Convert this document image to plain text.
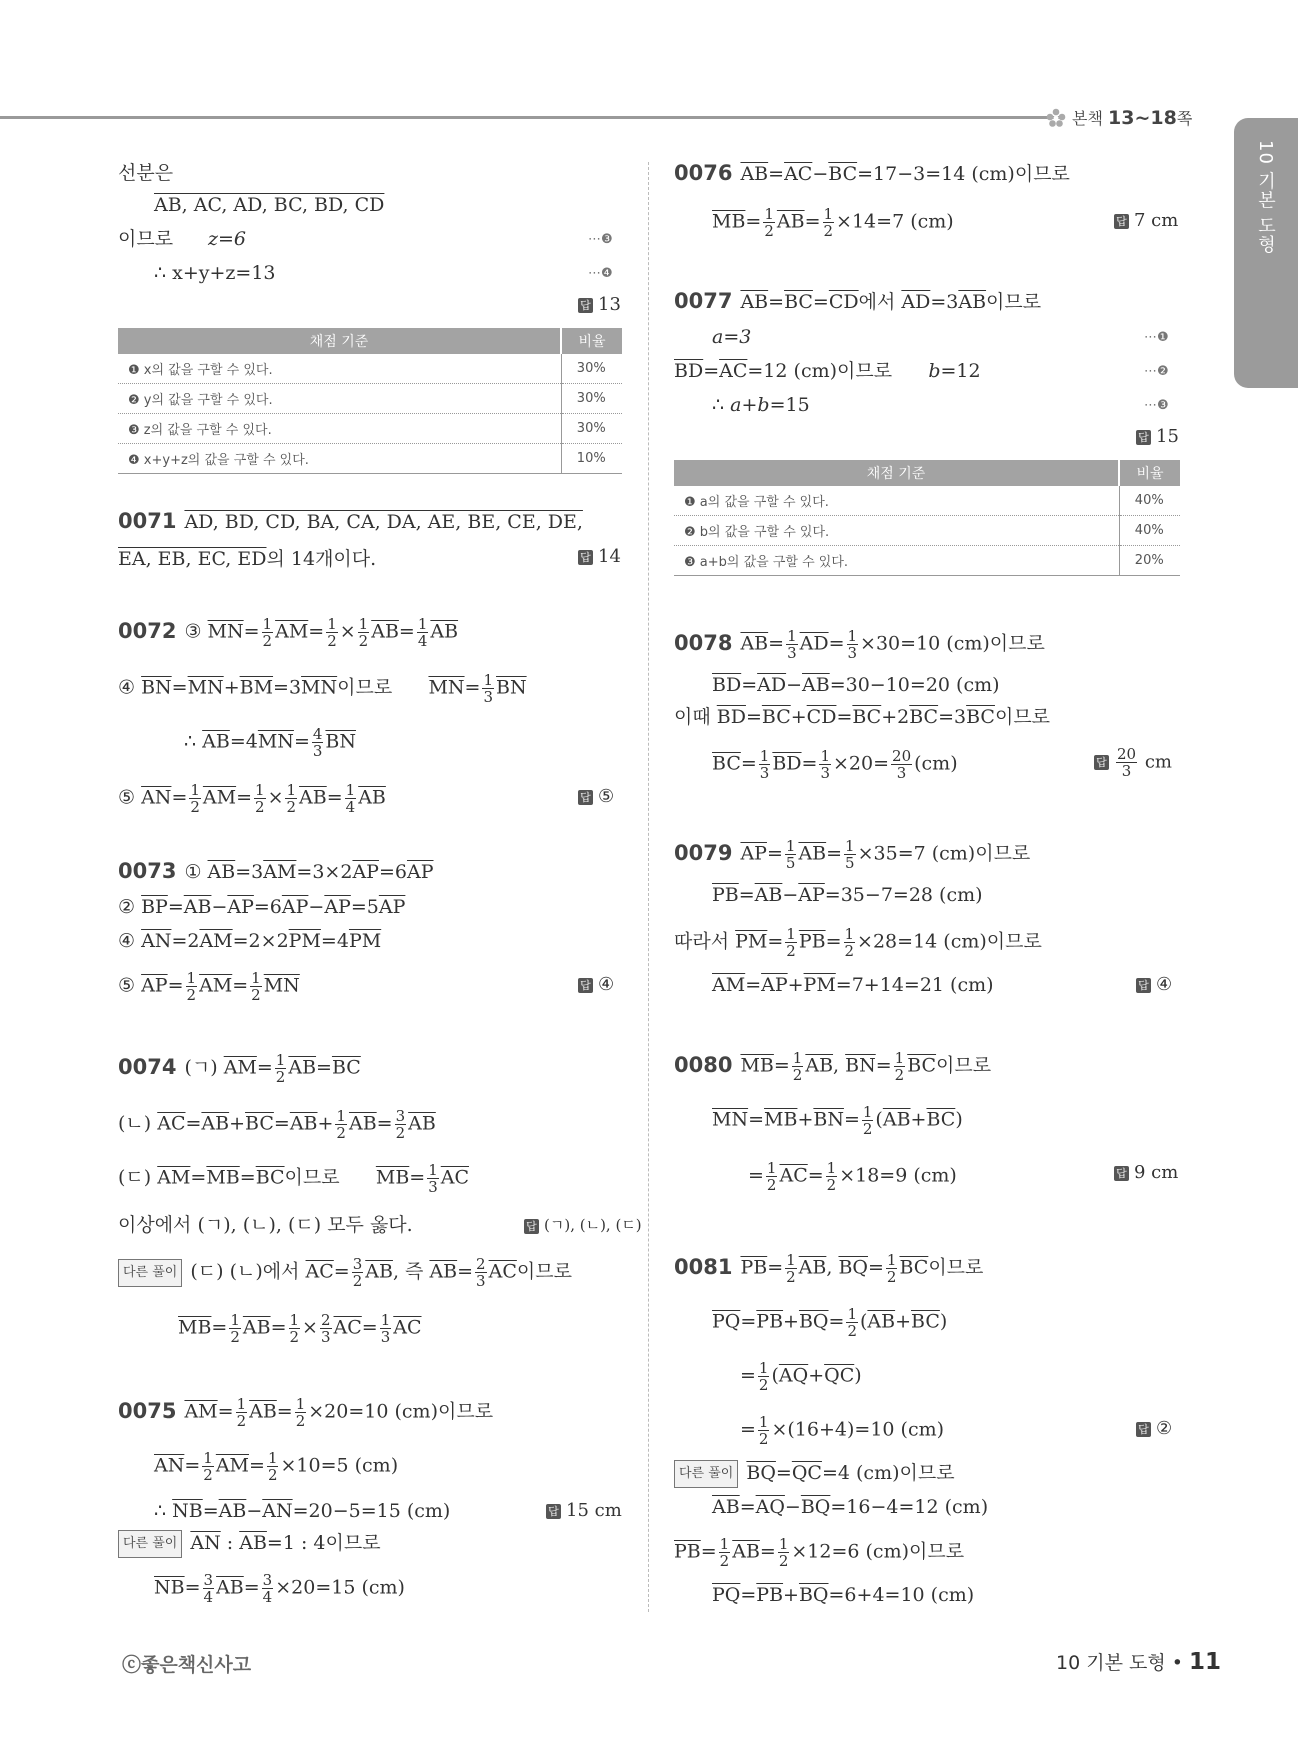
본책 13~18쪽
10 기본 도형
선분은
AB, AC, AD, BC, BD, CD
이므로 z=6	⋯❸
∴ x+y+z=13	⋯❹
답 13
채점 기준	비율
❶ x의 값을 구할 수 있다.	30%
❷ y의 값을 구할 수 있다.	30%
❸ z의 값을 구할 수 있다.	30%
❹ x+y+z의 값을 구할 수 있다.	10%
0071 AD, BD, CD, BA, CA, DA, AE, BE, CE, DE,
EA, EB, EC, ED의 14개이다.	답 14
0072 ③ $\overline{MN}= \frac{1}{2} \overline{AM}= \frac{1}{2} \times \frac{1}{2} \overline{AB}= \frac{1}{4} \overline{AB}$
④ $\overline{BN}=\overline{MN}+\overline{BM}=3\overline{MN}$이므로      $\overline{MN}= \frac{1}{3} \overline{BN}$
∴ $\overline{AB}=4\overline{MN}= \frac{4}{3} \overline{BN}$
⑤ $\overline{AN}= \frac{1}{2} \overline{AM}= \frac{1}{2} \times \frac{1}{2} \overline{AB}= \frac{1}{4} \overline{AB}$	답 ⑤
0073 ① $\overline{AB}=3\overline{AM}=3\times 2\overline{AP}=6\overline{AP}$
② $\overline{BP}=\overline{AB}-\overline{AP}=6\overline{AP}-\overline{AP}=5\overline{AP}$
④ $\overline{AN}=2\overline{AM}=2\times 2\overline{PM}=4\overline{PM}$
⑤ $\overline{AP}= \frac{1}{2} \overline{AM}= \frac{1}{2} \overline{MN}$	답 ④
0074 (ㄱ) $\overline{AM}= \frac{1}{2} \overline{AB}=\overline{BC}$
(ㄴ) $\overline{AC}=\overline{AB}+\overline{BC}=\overline{AB}+ \frac{1}{2} \overline{AB}= \frac{3}{2} \overline{AB}$
(ㄷ) $\overline{AM}=\overline{MB}=\overline{BC}$이므로      $\overline{MB}= \frac{1}{3} \overline{AC}$
이상에서 (ㄱ), (ㄴ), (ㄷ) 모두 옳다.	답 (ㄱ), (ㄴ), (ㄷ)
다른 풀이 (ㄷ) (ㄴ)에서 $\overline{AC}= \frac{3}{2} \overline{AB}$, 즉 $\overline{AB}= \frac{2}{3} \overline{AC}$이므로
$\overline{MB}= \frac{1}{2} \overline{AB}= \frac{1}{2} \times \frac{2}{3} \overline{AC}= \frac{1}{3} \overline{AC}$
0075 $\overline{AM}= \frac{1}{2} \overline{AB}= \frac{1}{2} \times 20=10$ (cm)이므로
$\overline{AN}= \frac{1}{2} \overline{AM}= \frac{1}{2} \times 10=5$ (cm)
∴ $\overline{NB}=\overline{AB}-\overline{AN}=20-5=15$ (cm)	답 15 cm
다른 풀이 $\overline{AN}$ : $\overline{AB}=1$ : 4이므로
$\overline{NB}= \frac{3}{4} \overline{AB}= \frac{3}{4} \times 20=15$ (cm)
0076 $\overline{AB}=\overline{AC}-\overline{BC}=17-3=14$ (cm)이므로
$\overline{MB}= \frac{1}{2} \overline{AB}= \frac{1}{2} \times 14=7$ (cm)	답 7 cm
0077 $\overline{AB}=\overline{BC}=\overline{CD}$에서 $\overline{AD}=3\overline{AB}$이므로
a=3	⋯❶
$\overline{BD}=\overline{AC}=12$ (cm)이므로      b=12	⋯❷
∴ a+b=15	⋯❸
답 15
채점 기준	비율
❶ a의 값을 구할 수 있다.	40%
❷ b의 값을 구할 수 있다.	40%
❸ a+b의 값을 구할 수 있다.	20%
0078 $\overline{AB}= \frac{1}{3} \overline{AD}= \frac{1}{3} \times 30=10$ (cm)이므로
$\overline{BD}=\overline{AD}-\overline{AB}=30-10=20$ (cm)
이때 $\overline{BD}=\overline{BC}+\overline{CD}=\overline{BC}+2\overline{BC}=3\overline{BC}$이므로
$\overline{BC}= \frac{1}{3} \overline{BD}= \frac{1}{3} \times 20= \frac{20}{3} (cm)$	답 $\frac{20}{3}$ cm
0079 $\overline{AP}= \frac{1}{5} \overline{AB}= \frac{1}{5} \times 35=7$ (cm)이므로
$\overline{PB}=\overline{AB}-\overline{AP}=35-7=28$ (cm)
따라서 $\overline{PM}= \frac{1}{2} \overline{PB}= \frac{1}{2} \times 28=14$ (cm)이므로
$\overline{AM}=\overline{AP}+\overline{PM}=7+14=21$ (cm)	답 ④
0080 $\overline{MB}= \frac{1}{2} \overline{AB}$, $\overline{BN}= \frac{1}{2} \overline{BC}$이므로
$\overline{MN}=\overline{MB}+\overline{BN}= \frac{1}{2} (\overline{AB}+\overline{BC})$
= $\frac{1}{2} \overline{AC}= \frac{1}{2} \times 18=9$ (cm)	답 9 cm
0081 $\overline{PB}= \frac{1}{2} \overline{AB}$, $\overline{BQ}= \frac{1}{2} \overline{BC}$이므로
$\overline{PQ}=\overline{PB}+\overline{BQ}= \frac{1}{2} (\overline{AB}+\overline{BC})$
= $\frac{1}{2} (\overline{AQ}+\overline{QC})$
= $\frac{1}{2} \times(16+4)=10$ (cm)	답 ②
다른 풀이 $\overline{BQ}=\overline{QC}=4$ (cm)이므로
$\overline{AB}=\overline{AQ}-\overline{BQ}=16-4=12$ (cm)
$\overline{PB}= \frac{1}{2} \overline{AB}= \frac{1}{2} \times 12=6$ (cm)이므로
$\overline{PQ}=\overline{PB}+\overline{BQ}=6+4=10$ (cm)
ⓒ좋은책신사고	10 기본 도형 • 11
